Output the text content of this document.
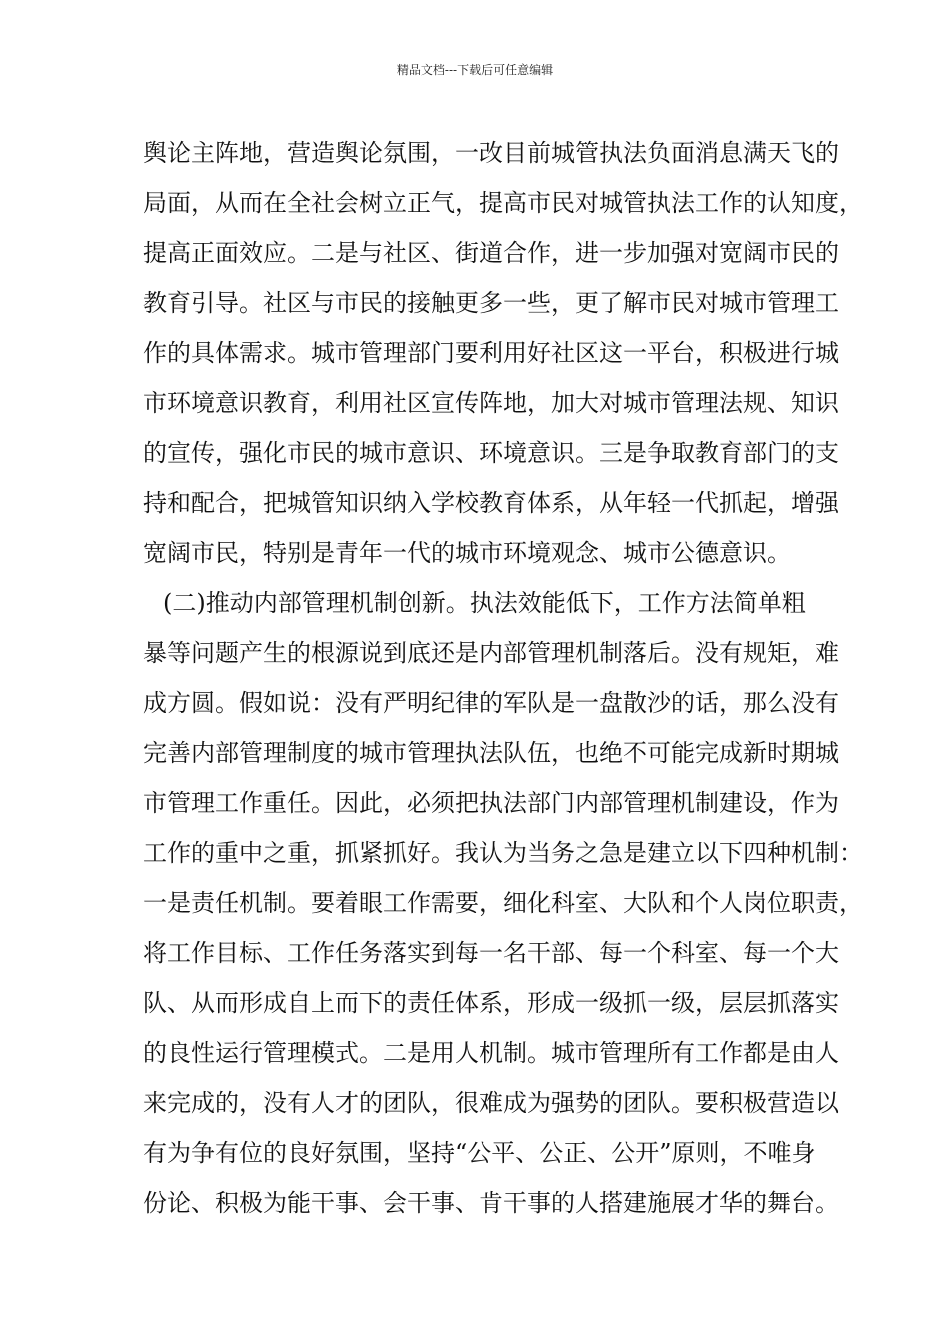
精品文档---下载后可任意编辑
舆论主阵地，营造舆论氛围，一改目前城管执法负面消息满天飞的
局面，从而在全社会树立正气，提高市民对城管执法工作的认知度，
提高正面效应。二是与社区、街道合作，进一步加强对宽阔市民的
教育引导。社区与市民的接触更多一些，更了解市民对城市管理工
作的具体需求。城市管理部门要利用好社区这一平台，积极进行城
市环境意识教育，利用社区宣传阵地，加大对城市管理法规、知识
的宣传，强化市民的城市意识、环境意识。三是争取教育部门的支
持和配合，把城管知识纳入学校教育体系，从年轻一代抓起，增强
宽阔市民，特别是青年一代的城市环境观念、城市公德意识。
(二)推动内部管理机制创新。执法效能低下，工作方法简单粗
暴等问题产生的根源说到底还是内部管理机制落后。没有规矩，难
成方圆。假如说：没有严明纪律的军队是一盘散沙的话，那么没有
完善内部管理制度的城市管理执法队伍，也绝不可能完成新时期城
市管理工作重任。因此，必须把执法部门内部管理机制建设，作为
工作的重中之重，抓紧抓好。我认为当务之急是建立以下四种机制：
一是责任机制。要着眼工作需要，细化科室、大队和个人岗位职责，
将工作目标、工作任务落实到每一名干部、每一个科室、每一个大
队、从而形成自上而下的责任体系，形成一级抓一级，层层抓落实
的良性运行管理模式。二是用人机制。城市管理所有工作都是由人
来完成的，没有人才的团队，很难成为强势的团队。要积极营造以
有为争有位的良好氛围，坚持“公平、公正、公开”原则，不唯身
份论、积极为能干事、会干事、肯干事的人搭建施展才华的舞台。
